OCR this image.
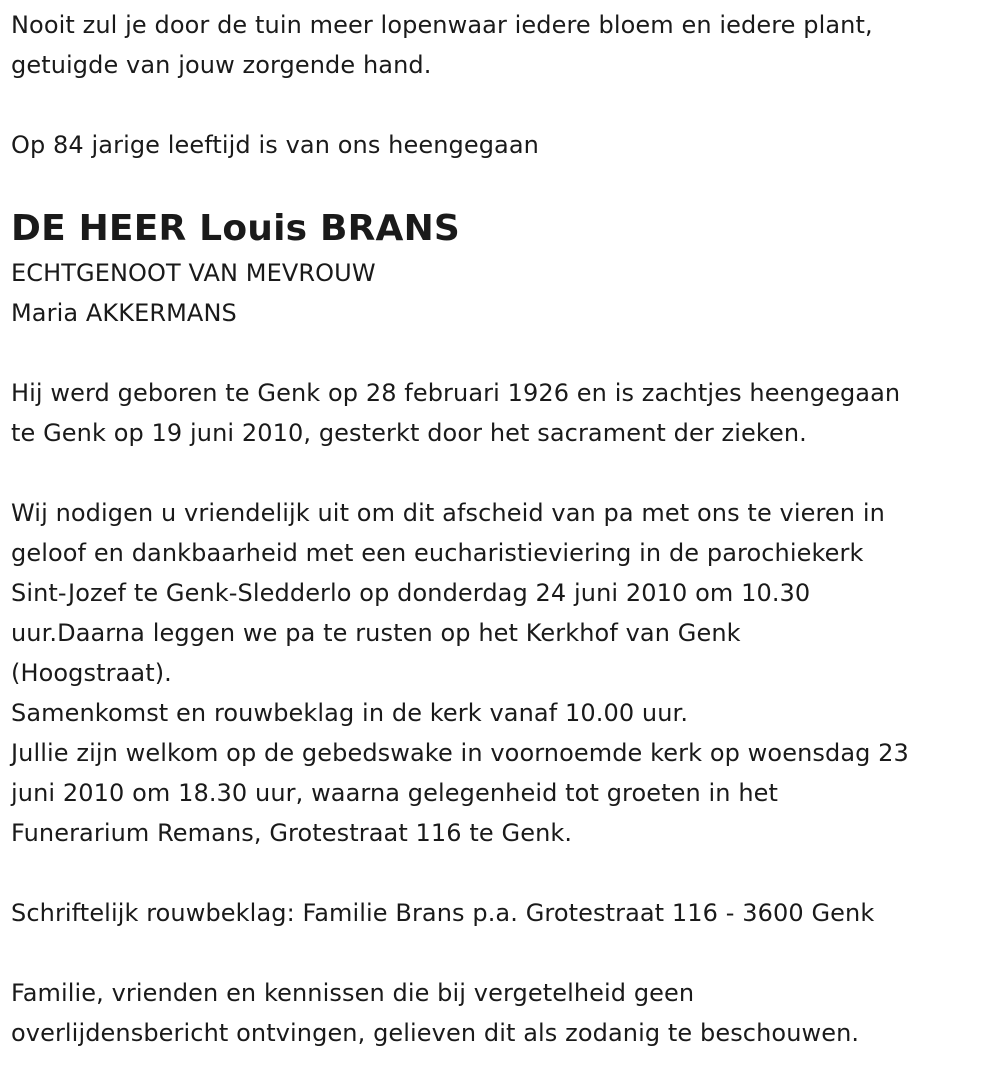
Nooit zul je door de tuin meer lopenwaar iedere bloem en iedere plant,
getuigde van jouw zorgende hand.
Op 84 jarige leeftijd is van ons heengegaan
DE HEER Louis BRANS
ECHTGENOOT VAN MEVROUW
Maria AKKERMANS
Hij werd geboren te Genk op 28 februari 1926 en is zachtjes heengegaan
te Genk op 19 juni 2010, gesterkt door het sacrament der zieken.
Wij nodigen u vriendelijk uit om dit afscheid van pa met ons te vieren in
geloof en dankbaarheid met een eucharistieviering in de parochiekerk
Sint-Jozef te Genk-Sledderlo op donderdag 24 juni 2010 om 10.30
uur.Daarna leggen we pa te rusten op het Kerkhof van Genk
(Hoogstraat).
Samenkomst en rouwbeklag in de kerk vanaf 10.00 uur.
Jullie zijn welkom op de gebedswake in voornoemde kerk op woensdag 23
juni 2010 om 18.30 uur, waarna gelegenheid tot groeten in het
Funerarium Remans, Grotestraat 116 te Genk.
Schriftelijk rouwbeklag: Familie Brans p.a. Grotestraat 116 - 3600 Genk
Familie, vrienden en kennissen die bij vergetelheid geen
overlijdensbericht ontvingen, gelieven dit als zodanig te beschouwen.
